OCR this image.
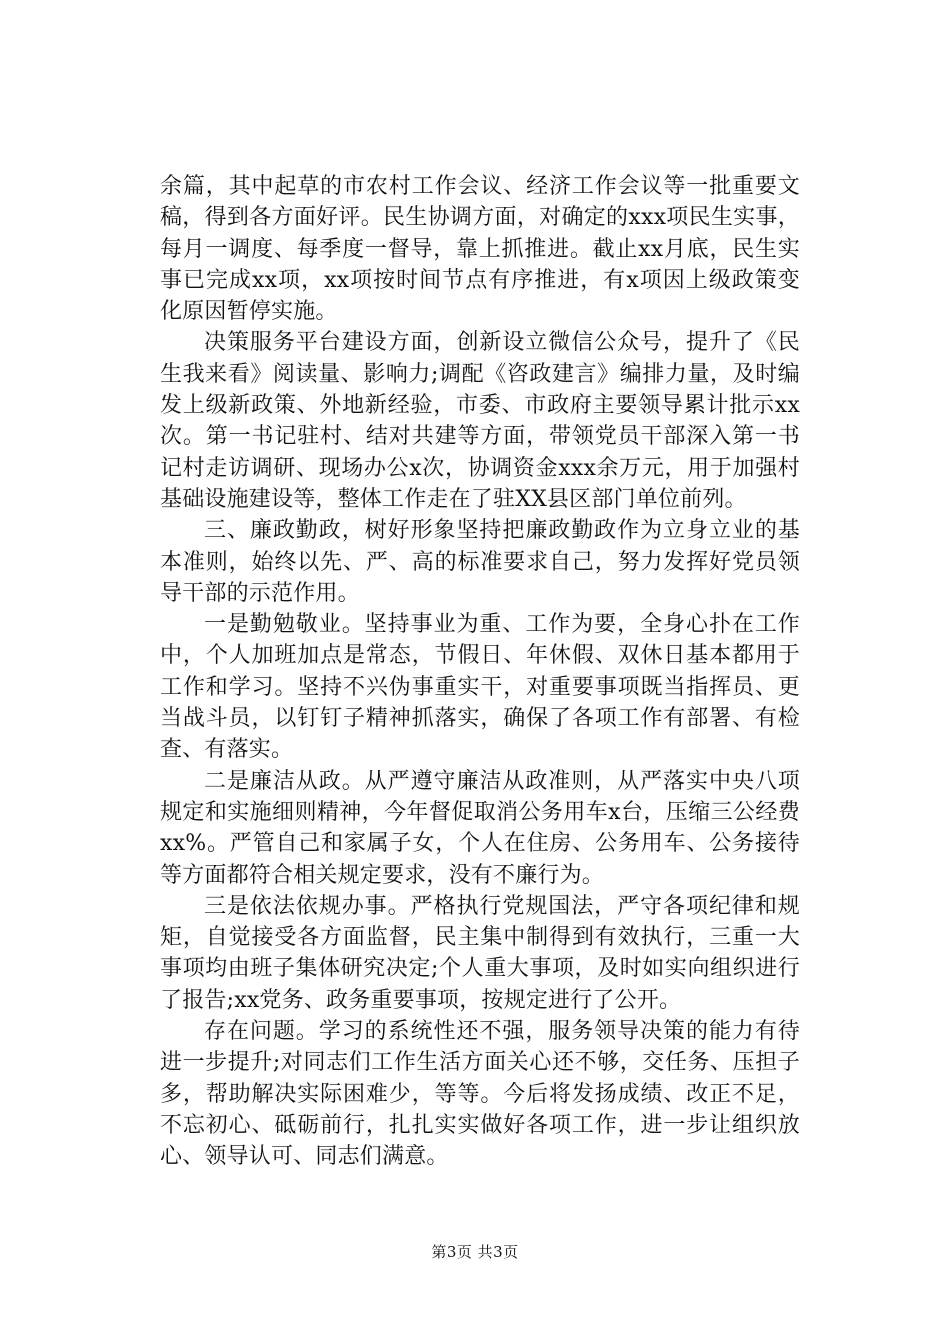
余篇，其中起草的市农村工作会议、经济工作会议等一批重要文稿，得到各方面好评。民生协调方面，对确定的xxx项民生实事，每月一调度、每季度一督导，靠上抓推进。截止xx月底，民生实事已完成xx项，xx项按时间节点有序推进，有x项因上级政策变化原因暂停实施。

决策服务平台建设方面，创新设立微信公众号，提升了《民生我来看》阅读量、影响力;调配《咨政建言》编排力量，及时编发上级新政策、外地新经验，市委、市政府主要领导累计批示xx次。第一书记驻村、结对共建等方面，带领党员干部深入第一书记村走访调研、现场办公x次，协调资金xxx余万元，用于加强村基础设施建设等，整体工作走在了驻XX县区部门单位前列。

三、廉政勤政，树好形象坚持把廉政勤政作为立身立业的基本准则，始终以先、严、高的标准要求自己，努力发挥好党员领导干部的示范作用。

一是勤勉敬业。坚持事业为重、工作为要，全身心扑在工作中，个人加班加点是常态，节假日、年休假、双休日基本都用于工作和学习。坚持不兴伪事重实干，对重要事项既当指挥员、更当战斗员，以钉钉子精神抓落实，确保了各项工作有部署、有检查、有落实。

二是廉洁从政。从严遵守廉洁从政准则，从严落实中央八项规定和实施细则精神，今年督促取消公务用车x台，压缩三公经费xx%。严管自己和家属子女，个人在住房、公务用车、公务接待等方面都符合相关规定要求，没有不廉行为。

三是依法依规办事。严格执行党规国法，严守各项纪律和规矩，自觉接受各方面监督，民主集中制得到有效执行，三重一大事项均由班子集体研究决定;个人重大事项，及时如实向组织进行了报告;xx党务、政务重要事项，按规定进行了公开。

存在问题。学习的系统性还不强，服务领导决策的能力有待进一步提升;对同志们工作生活方面关心还不够，交任务、压担子多，帮助解决实际困难少，等等。今后将发扬成绩、改正不足，不忘初心、砥砺前行，扎扎实实做好各项工作，进一步让组织放心、领导认可、同志们满意。

第3页 共3页
